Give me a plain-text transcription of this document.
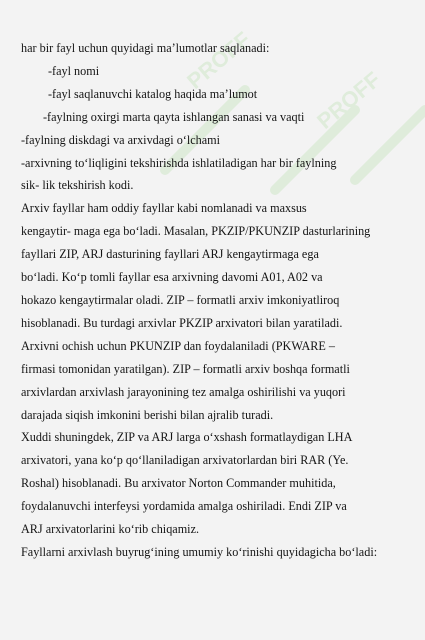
PROFF
PROFF

har bir fayl uchun quyidagi ma’lumotlar saqlanadi:

-fayl nomi

-fayl saqlanuvchi katalog haqida ma’lumot

-faylning oxirgi marta qayta ishlangan sanasi va vaqti

-faylning diskdagi va arxivdagi o‘lchami

-arxivning to‘liqligini tekshirishda ishlatiladigan har bir faylning

sik- lik tekshirish kodi.

Arxiv fayllar ham oddiy fayllar kabi nomlanadi va maxsus

kengaytir- maga ega bo‘ladi. Masalan, PKZIP/PKUNZIP dasturlarining

fayllari ZIP, ARJ dasturining fayllari ARJ kengaytirmaga ega

bo‘ladi. Ko‘p tomli fayllar esa arxivning davomi A01, A02 va

hokazo kengaytirmalar oladi. ZIP – formatli arxiv imkoniyatliroq

hisoblanadi. Bu turdagi arxivlar PKZIP arxivatori bilan yaratiladi.

Arxivni ochish uchun PKUNZIP dan foydalaniladi (PKWARE –

firmasi tomonidan yaratilgan). ZIP – formatli arxiv boshqa formatli

arxivlardan arxivlash jarayonining tez amalga oshirilishi va yuqori

darajada siqish imkonini berishi bilan ajralib turadi.

Xuddi shuningdek, ZIP va ARJ larga o‘xshash formatlaydigan LHA

arxivatori, yana ko‘p qo‘llaniladigan arxivatorlardan biri RAR (Ye.

Roshal) hisoblanadi. Bu arxivator Norton Commander muhitida,

foydalanuvchi interfeysi yordamida amalga oshiriladi. Endi ZIP va

ARJ arxivatorlarini ko‘rib chiqamiz.

Fayllarni arxivlash buyrug‘ining umumiy ko‘rinishi quyidagicha bo‘ladi:
